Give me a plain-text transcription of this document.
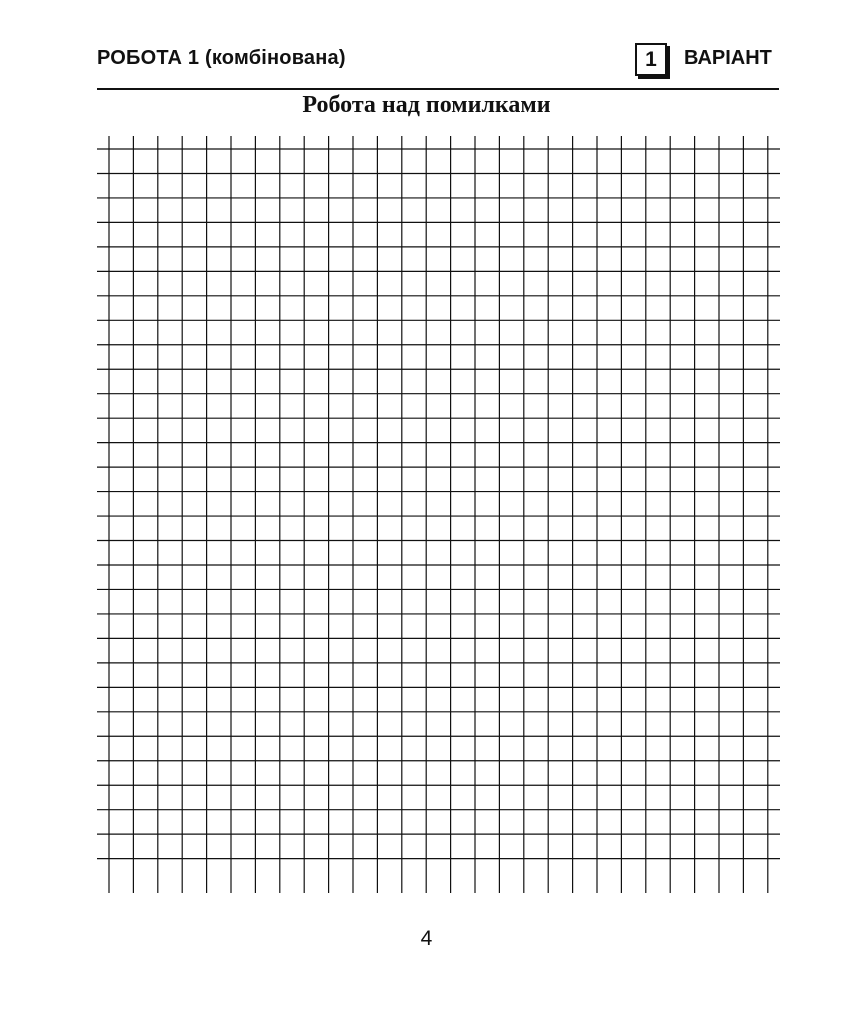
РОБОТА 1 (комбінована)	1	ВАРІАНТ
Робота над помилками
4
